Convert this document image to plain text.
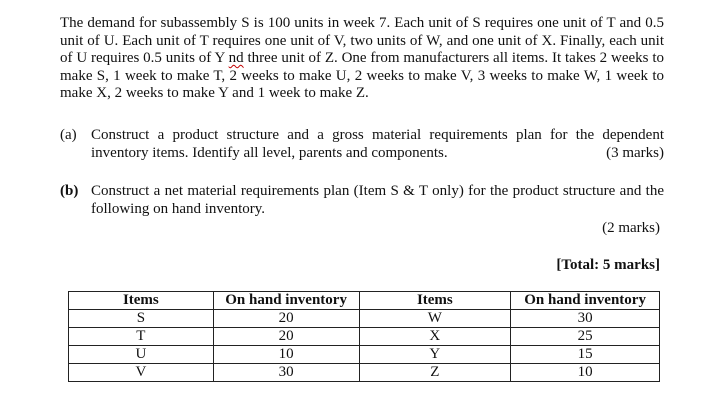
The demand for subassembly S is 100 units in week 7. Each unit of S requires one unit of T and 0.5 unit of U. Each unit of T requires one unit of V, two units of W, and one unit of X. Finally, each unit of U requires 0.5 units of Y nd three unit of Z. One from manufacturers all items. It takes 2 weeks to make S, 1 week to make T, 2 weeks to make U, 2 weeks to make V, 3 weeks to make W, 1 week to make X, 2 weeks to make Y and 1 week to make Z.
(a) Construct a product structure and a gross material requirements plan for the dependent inventory items. Identify all level, parents and components.	(3 marks)
(b) Construct a net material requirements plan (Item S & T only) for the product structure and the following on hand inventory.
(2 marks)
[Total: 5 marks]
Items	On hand inventory	Items	On hand inventory
S	20	W	30
T	20	X	25
U	10	Y	15
V	30	Z	10
